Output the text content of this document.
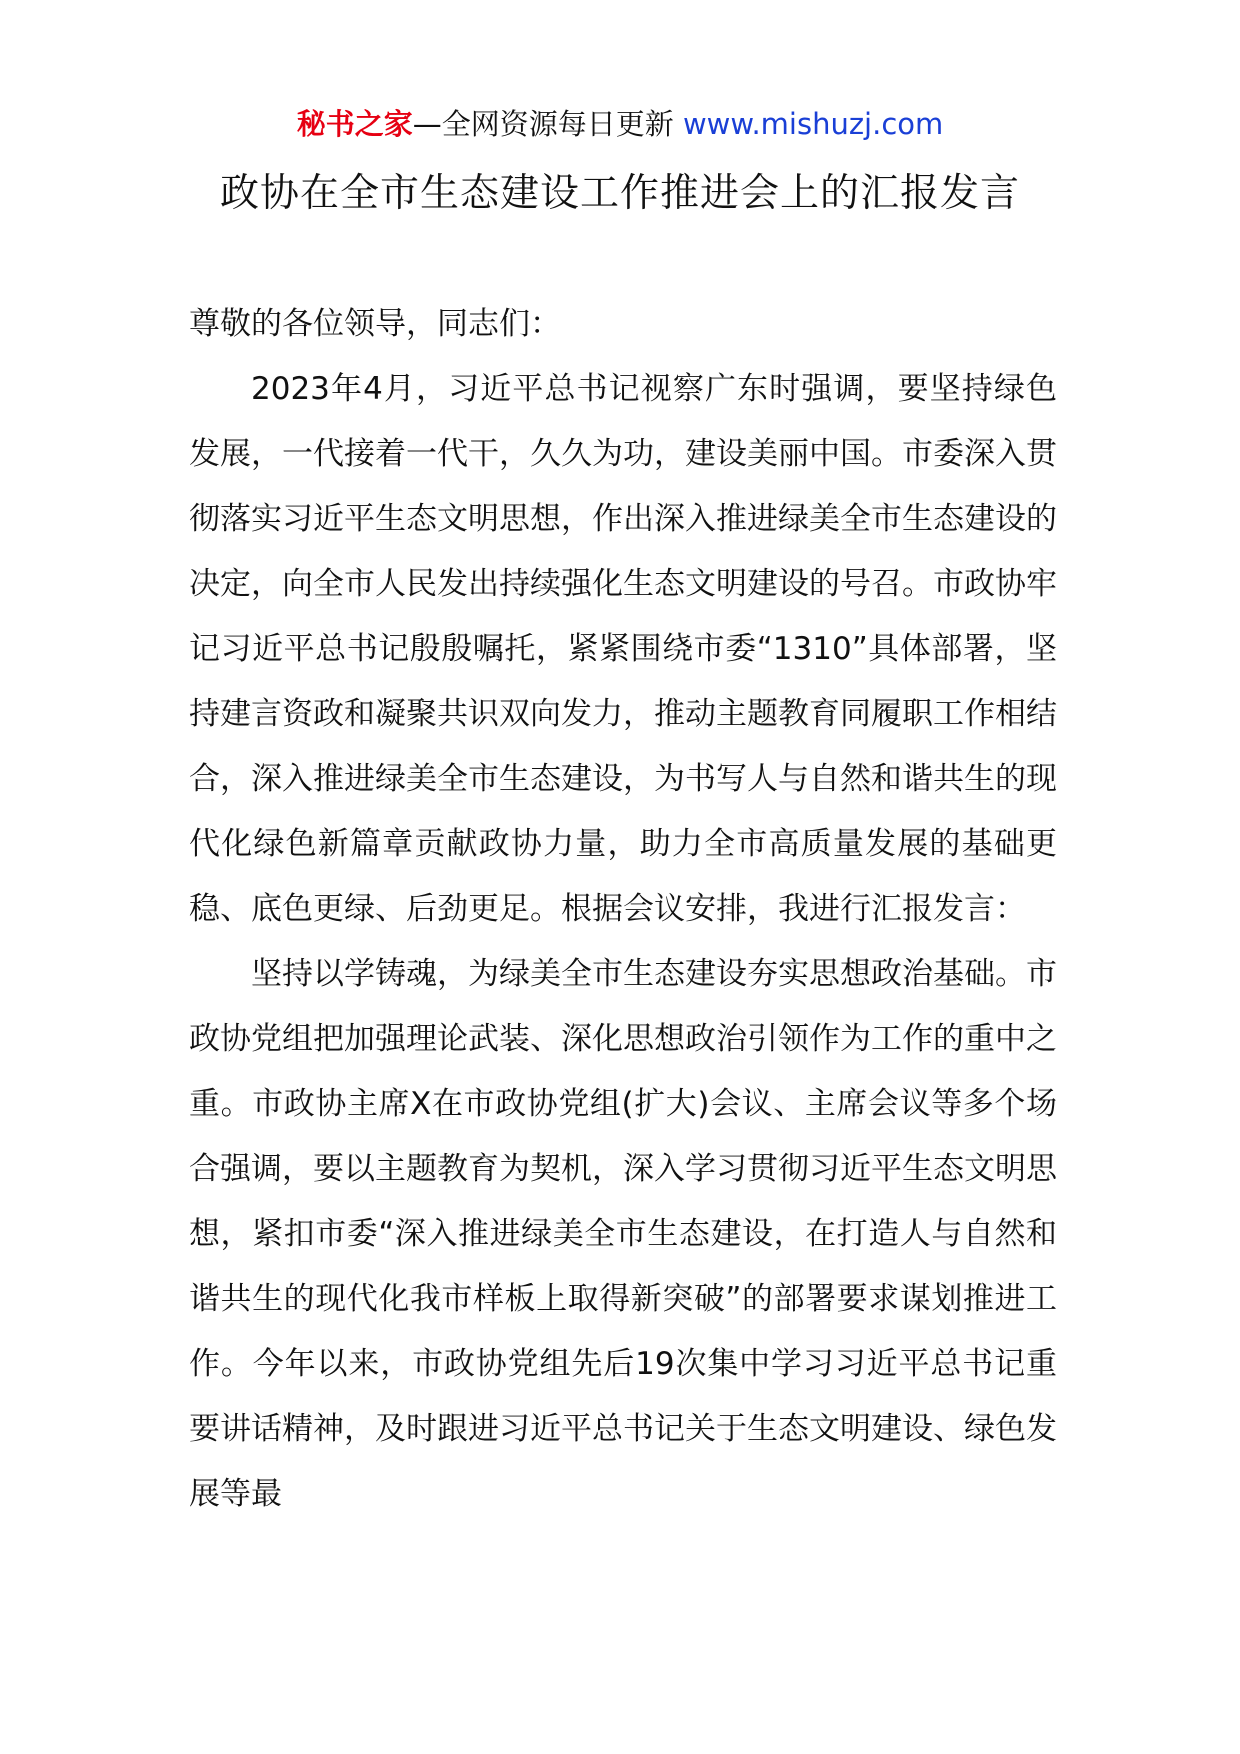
秘书之家—全网资源每日更新 www.mishuzj.com
政协在全市生态建设工作推进会上的汇报发言

尊敬的各位领导，同志们：

2023年4月，习近平总书记视察广东时强调，要坚持绿色发展，一代接着一代干，久久为功，建设美丽中国。市委深入贯彻落实习近平生态文明思想，作出深入推进绿美全市生态建设的决定，向全市人民发出持续强化生态文明建设的号召。市政协牢记习近平总书记殷殷嘱托，紧紧围绕市委“1310”具体部署，坚持建言资政和凝聚共识双向发力，推动主题教育同履职工作相结合，深入推进绿美全市生态建设，为书写人与自然和谐共生的现代化绿色新篇章贡献政协力量，助力全市高质量发展的基础更稳、底色更绿、后劲更足。根据会议安排，我进行汇报发言：

坚持以学铸魂，为绿美全市生态建设夯实思想政治基础。市政协党组把加强理论武装、深化思想政治引领作为工作的重中之重。市政协主席X在市政协党组(扩大)会议、主席会议等多个场合强调，要以主题教育为契机，深入学习贯彻习近平生态文明思想，紧扣市委“深入推进绿美全市生态建设，在打造人与自然和谐共生的现代化我市样板上取得新突破”的部署要求谋划推进工作。今年以来，市政协党组先后19次集中学习习近平总书记重要讲话精神，及时跟进习近平总书记关于生态文明建设、绿色发展等最
